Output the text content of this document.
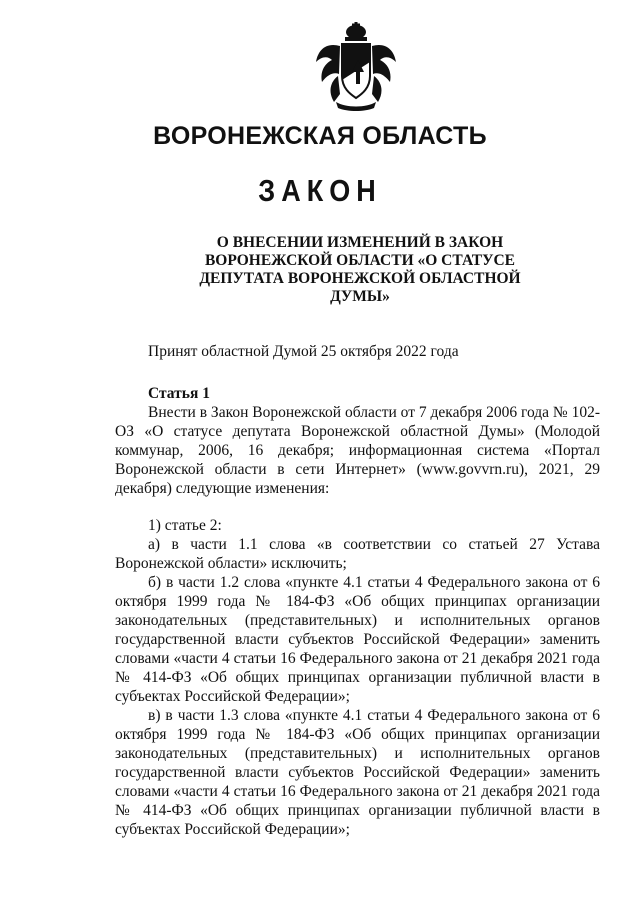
ВОРОНЕЖСКАЯ ОБЛАСТЬ
ЗАКОН
О ВНЕСЕНИИ ИЗМЕНЕНИЙ В ЗАКОН
ВОРОНЕЖСКОЙ ОБЛАСТИ «О СТАТУСЕ
ДЕПУТАТА ВОРОНЕЖСКОЙ ОБЛАСТНОЙ
ДУМЫ»
Принят областной Думой 25 октября 2022 года
Статья 1

Внести в Закон Воронежской области от 7 декабря 2006 года № 102-ОЗ «О статусе депутата Воронежской областной Думы» (Молодой коммунар, 2006, 16 декабря; информационная система «Портал Воронежской области в сети Интернет» (www.govvrn.ru), 2021, 29 декабря) следующие изменения:

1) статье 2:

а) в части 1.1 слова «в соответствии со статьей 27 Устава Воронежской области» исключить;

б) в части 1.2 слова «пункте 4.1 статьи 4 Федерального закона от 6 октября 1999 года № 184-ФЗ «Об общих принципах организации законодательных (представительных) и исполнительных органов государственной власти субъектов Российской Федерации» заменить словами «части 4 статьи 16 Федерального закона от 21 декабря 2021 года № 414-ФЗ «Об общих принципах организации публичной власти в субъектах Российской Федерации»;

в) в части 1.3 слова «пункте 4.1 статьи 4 Федерального закона от 6 октября 1999 года № 184-ФЗ «Об общих принципах организации законодательных (представительных) и исполнительных органов государственной власти субъектов Российской Федерации» заменить словами «части 4 статьи 16 Федерального закона от 21 декабря 2021 года № 414-ФЗ «Об общих принципах организации публичной власти в субъектах Российской Федерации»;
